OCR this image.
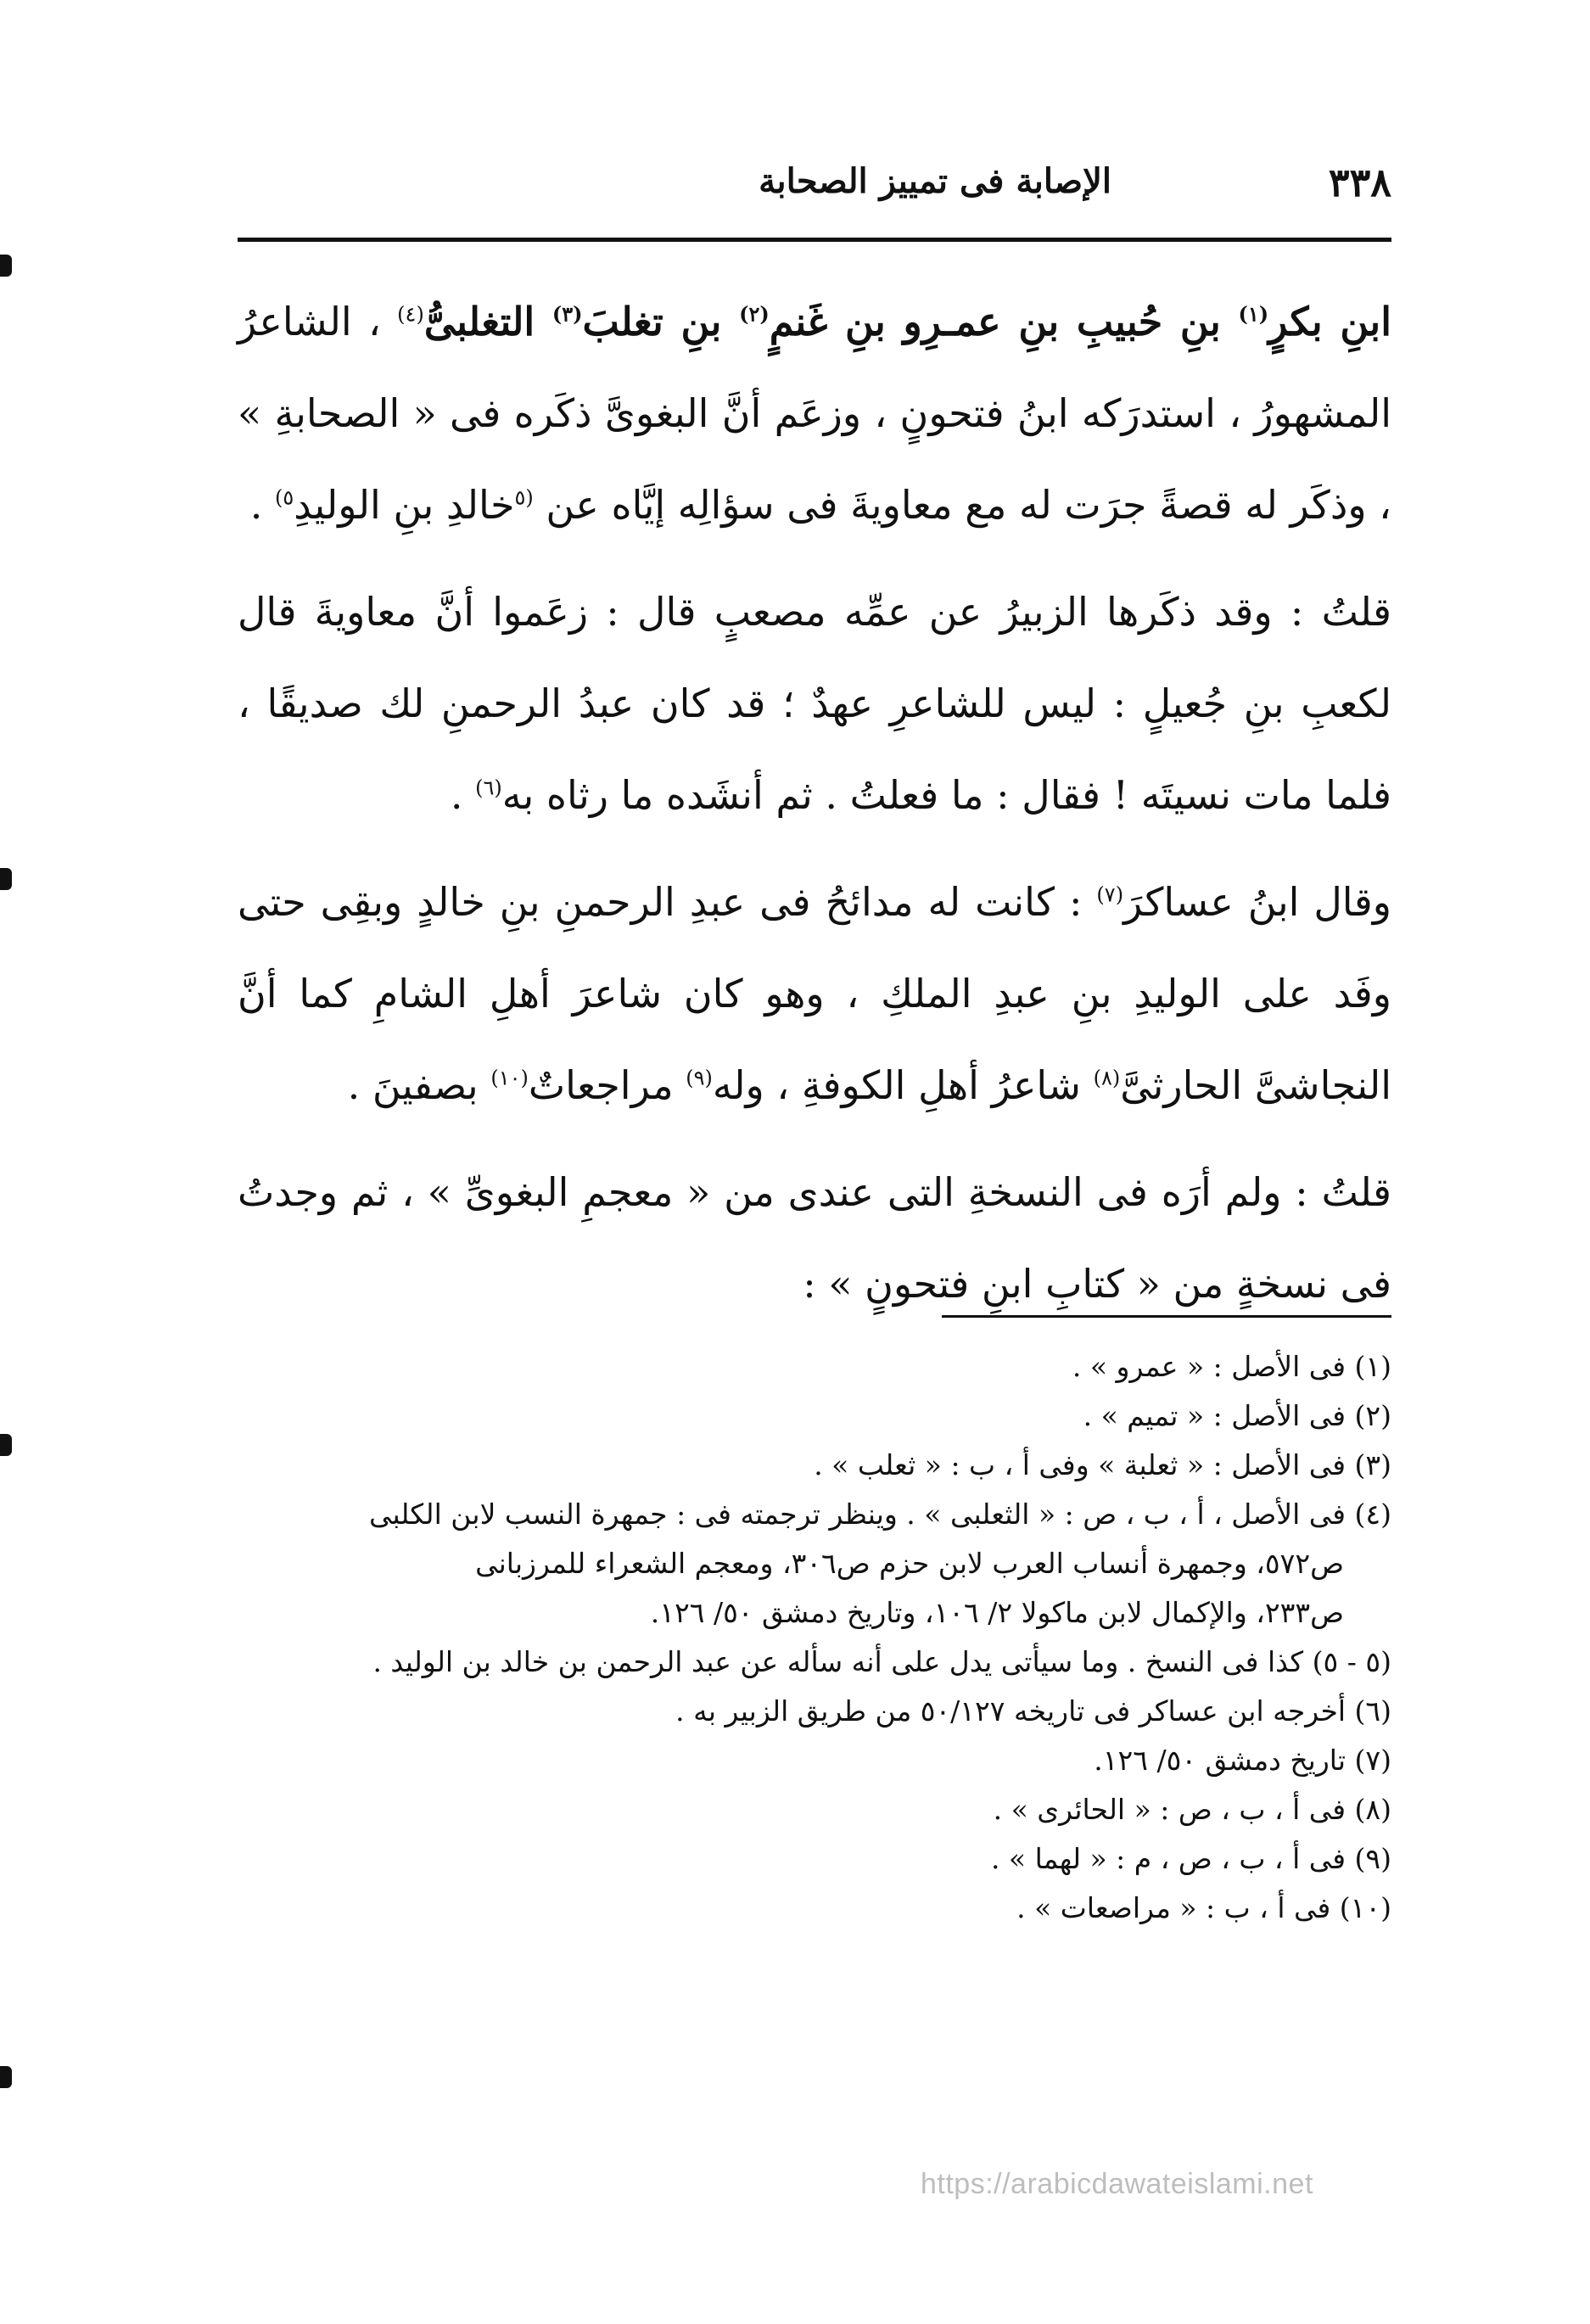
٣٣٨
الإصابة فى تمييز الصحابة

ابنِ بكرٍ$^{(١)}$ بنِ حُبيبِ بنِ عمـرِو بنِ غَنمٍ$^{(٢)}$ بنِ تغلبَ$^{(٣)}$ التغلبىُّ$^{(٤)}$ ، الشاعرُ المشهورُ ، استدرَكه ابنُ فتحونٍ ، وزعَم أنَّ البغوىَّ ذكَره فى « الصحابةِ » ، وذكَر له قصةً جرَت له مع معاويةَ فى سؤالِه إيَّاه عن $^{(٥}$خالدِ بنِ الوليدِ$^{٥)}$ .

قلتُ : وقد ذكَرها الزبيرُ عن عمِّه مصعبٍ قال : زعَموا أنَّ معاويةَ قال لكعبِ بنِ جُعيلٍ : ليس للشاعرِ عهدٌ ؛ قد كان عبدُ الرحمنِ لك صديقًا ، فلما مات نسيتَه ! فقال : ما فعلتُ . ثم أنشَده ما رثاه به$^{(٦)}$ .

وقال ابنُ عساكرَ$^{(٧)}$ : كانت له مدائحُ فى عبدِ الرحمنِ بنِ خالدٍ وبقِى حتى وفَد على الوليدِ بنِ عبدِ الملكِ ، وهو كان شاعرَ أهلِ الشامِ كما أنَّ النجاشىَّ الحارثىَّ$^{(٨)}$ شاعرُ أهلِ الكوفةِ ، وله$^{(٩)}$ مراجعاتٌ$^{(١٠)}$ بصفينَ .

قلتُ : ولم أرَه فى النسخةِ التى عندى من « معجمِ البغوىِّ » ، ثم وجدتُ فى نسخةٍ من « كتابِ ابنِ فتحونٍ » :

(١) فى الأصل : « عمرو » .

(٢) فى الأصل : « تميم » .

(٣) فى الأصل : « ثعلبة » وفى أ ، ب : « ثعلب » .

(٤) فى الأصل ، أ ، ب ، ص : « الثعلبى » . وينظر ترجمته فى : جمهرة النسب لابن الكلبى

ص٥٧٢، وجمهرة أنساب العرب لابن حزم ص٣٠٦، ومعجم الشعراء للمرزبانى

ص٢٣٣، والإكمال لابن ماكولا ٢/ ١٠٦، وتاريخ دمشق ٥٠/ ١٢٦.

(٥ - ٥) كذا فى النسخ . وما سيأتى يدل على أنه سأله عن عبد الرحمن بن خالد بن الوليد .

(٦) أخرجه ابن عساكر فى تاريخه ٥٠/١٢٧ من طريق الزبير به .

(٧) تاريخ دمشق ٥٠/ ١٢٦.

(٨) فى أ ، ب ، ص : « الحائرى » .

(٩) فى أ ، ب ، ص ، م : « لهما » .

(١٠) فى أ ، ب : « مراصعات » .

https://arabicdawateislami.net
